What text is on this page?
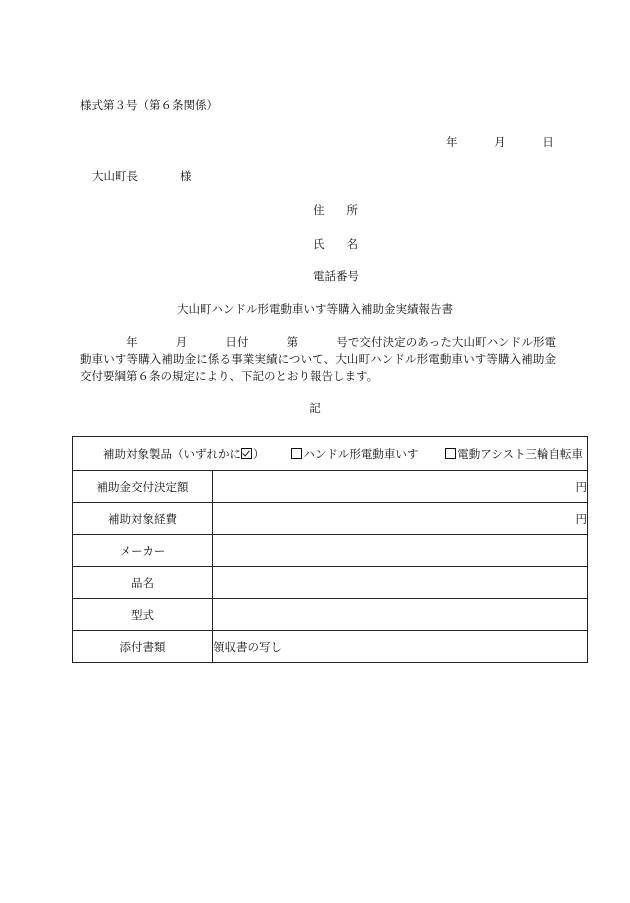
様式第３号（第６条関係）
年	月	日
大山町長	様
住 所
氏 名
電話番号
大山町ハンドル形電動車いす等購入補助金実績報告書
年	月	日付	第	号で交付決定のあった大山町ハンドル形電動車いす等購入補助金に係る事業実績について、大山町ハンドル形電動車いす等購入補助金交付要綱第６条の規定により、下記のとおり報告します。
記
補助対象製品（いずれかに ） ハンドル形電動車いす 電動アシスト三輪自転車	

補助金交付決定額	円
補助対象経費	円
メーカー	
品名	
型式	
添付書類	領収書の写し
